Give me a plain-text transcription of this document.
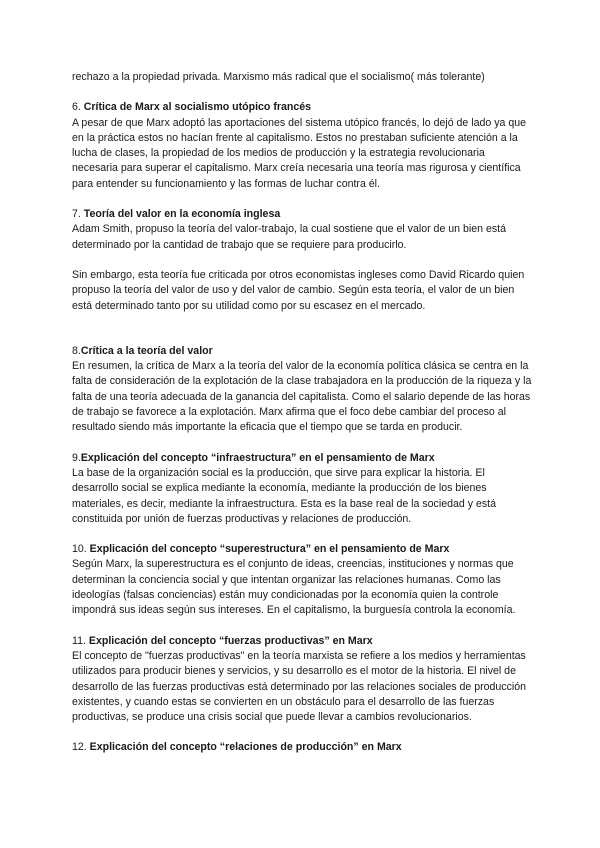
rechazo a la propiedad privada. Marxismo más radical que el socialismo( más tolerante)

6. Crítica de Marx al socialismo utópico francés

A pesar de que Marx adoptó las aportaciones del sistema utópico francés, lo dejó de lado ya que en la práctica estos no hacían frente al capitalismo. Estos no prestaban suficiente atención a la lucha de clases, la propiedad de los medios de producción y la estrategia revolucionaria necesaria para superar el capitalismo. Marx creía necesaria una teoría mas rigurosa y científica para entender su funcionamiento y las formas de luchar contra él.

7. Teoría del valor en la economía inglesa

Adam Smith, propuso la teoría del valor-trabajo, la cual sostiene que el valor de un bien está determinado por la cantidad de trabajo que se requiere para producirlo.

Sin embargo, esta teoría fue criticada por otros economistas ingleses como David Ricardo quien propuso la teoría del valor de uso y del valor de cambio. Según esta teoría, el valor de un bien está determinado tanto por su utilidad como por su escasez en el mercado.

8.Crítica a la teoría del valor

En resumen, la crítica de Marx a la teoría del valor de la economía política clásica se centra en la falta de consideración de la explotación de la clase trabajadora en la producción de la riqueza y la falta de una teoría adecuada de la ganancia del capitalista. Como el salario depende de las horas de trabajo se favorece a la explotación. Marx afirma que el foco debe cambiar del proceso al resultado siendo más importante la eficacia que el tiempo que se tarda en producir.

9.Explicación del concepto “infraestructura” en el pensamiento de Marx

La base de la organización social es la producción, que sirve para explicar la historia. El desarrollo social se explica mediante la economía, mediante la producción de los bienes materiales, es decir, mediante la infraestructura. Esta es la base real de la sociedad y está constituida por unión de fuerzas productivas y relaciones de producción.

10. Explicación del concepto “superestructura” en el pensamiento de Marx

Según Marx, la superestructura es el conjunto de ideas, creencias, instituciones y normas que determinan la conciencia social y que intentan organizar las relaciones humanas. Como las ideologías (falsas conciencias) están muy condicionadas por la economía quien la controle impondrá sus ideas según sus intereses. En el capitalismo, la burguesía controla la economía.

11. Explicación del concepto “fuerzas productivas” en Marx

El concepto de "fuerzas productivas" en la teoría marxista se refiere a los medios y herramientas utilizados para producir bienes y servicios, y su desarrollo es el motor de la historia. El nivel de desarrollo de las fuerzas productivas está determinado por las relaciones sociales de producción existentes, y cuando estas se convierten en un obstáculo para el desarrollo de las fuerzas productivas, se produce una crisis social que puede llevar a cambios revolucionarios.

12. Explicación del concepto “relaciones de producción” en Marx
